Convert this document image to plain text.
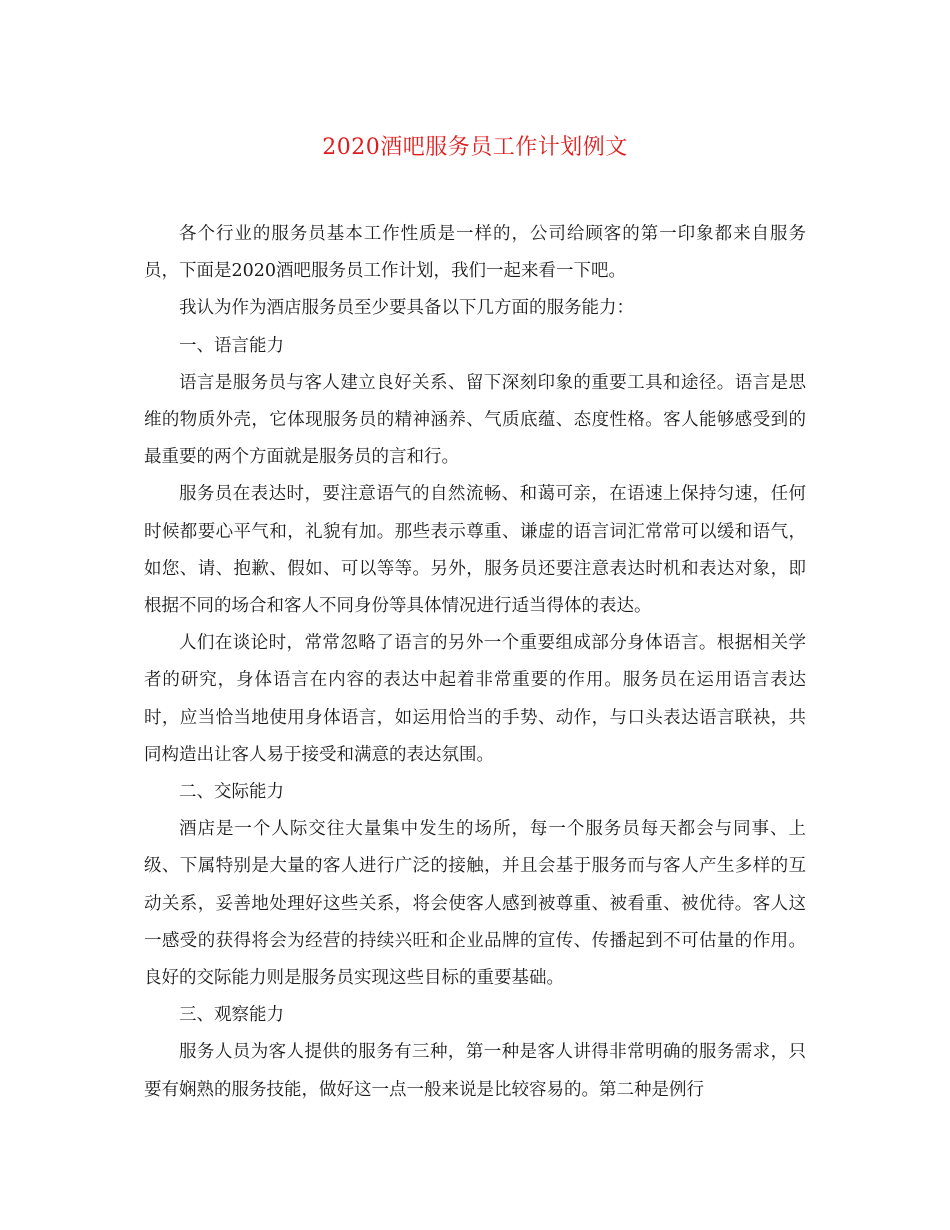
2020酒吧服务员工作计划例文

各个行业的服务员基本工作性质是一样的，公司给顾客的第一印象都来自服务员，下面是2020酒吧服务员工作计划，我们一起来看一下吧。

我认为作为酒店服务员至少要具备以下几方面的服务能力：

一、语言能力

语言是服务员与客人建立良好关系、留下深刻印象的重要工具和途径。语言是思维的物质外壳，它体现服务员的精神涵养、气质底蕴、态度性格。客人能够感受到的最重要的两个方面就是服务员的言和行。

服务员在表达时，要注意语气的自然流畅、和蔼可亲，在语速上保持匀速，任何时候都要心平气和，礼貌有加。那些表示尊重、谦虚的语言词汇常常可以缓和语气，如您、请、抱歉、假如、可以等等。另外，服务员还要注意表达时机和表达对象，即根据不同的场合和客人不同身份等具体情况进行适当得体的表达。

人们在谈论时，常常忽略了语言的另外一个重要组成部分身体语言。根据相关学者的研究，身体语言在内容的表达中起着非常重要的作用。服务员在运用语言表达时，应当恰当地使用身体语言，如运用恰当的手势、动作，与口头表达语言联袂，共同构造出让客人易于接受和满意的表达氛围。

二、交际能力

酒店是一个人际交往大量集中发生的场所，每一个服务员每天都会与同事、上级、下属特别是大量的客人进行广泛的接触，并且会基于服务而与客人产生多样的互动关系，妥善地处理好这些关系，将会使客人感到被尊重、被看重、被优待。客人这一感受的获得将会为经营的持续兴旺和企业品牌的宣传、传播起到不可估量的作用。良好的交际能力则是服务员实现这些目标的重要基础。

三、观察能力

服务人员为客人提供的服务有三种，第一种是客人讲得非常明确的服务需求，只要有娴熟的服务技能，做好这一点一般来说是比较容易的。第二种是例行
